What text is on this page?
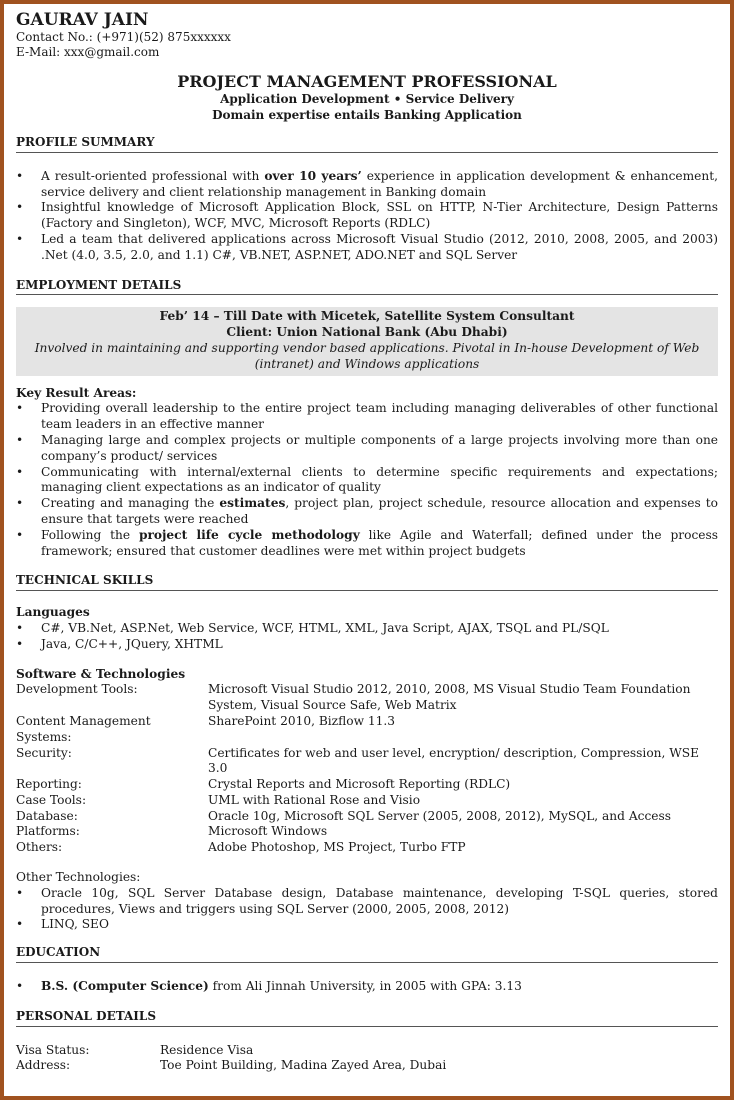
GAURAV JAIN
Contact No.: (+971)(52) 875xxxxxx
E-Mail: xxx@gmail.com
PROJECT MANAGEMENT PROFESSIONAL
Application Development • Service Delivery
Domain expertise entails Banking Application
PROFILE SUMMARY
• A result-oriented professional with over 10 years’ experience in application development & enhancement, service delivery and client relationship management in Banking domain
• Insightful knowledge of Microsoft Application Block, SSL on HTTP, N-Tier Architecture, Design Patterns (Factory and Singleton), WCF, MVC, Microsoft Reports (RDLC)
• Led a team that delivered applications across Microsoft Visual Studio (2012, 2010, 2008, 2005, and 2003) .Net (4.0, 3.5, 2.0, and 1.1) C#, VB.NET, ASP.NET, ADO.NET and SQL Server
EMPLOYMENT DETAILS
Feb’ 14 – Till Date with Micetek, Satellite System Consultant
Client: Union National Bank (Abu Dhabi)
Involved in maintaining and supporting vendor based applications. Pivotal in In-house Development of Web (intranet) and Windows applications
Key Result Areas:
• Providing overall leadership to the entire project team including managing deliverables of other functional team leaders in an effective manner
• Managing large and complex projects or multiple components of a large projects involving more than one company’s product/ services
• Communicating with internal/external clients to determine specific requirements and expectations; managing client expectations as an indicator of quality
• Creating and managing the estimates, project plan, project schedule, resource allocation and expenses to ensure that targets were reached
• Following the project life cycle methodology like Agile and Waterfall; defined under the process framework; ensured that customer deadlines were met within project budgets
TECHNICAL SKILLS
Languages
• C#, VB.Net, ASP.Net, Web Service, WCF, HTML, XML, Java Script, AJAX, TSQL and PL/SQL
• Java, C/C++, JQuery, XHTML
Software & Technologies
Development Tools:	Microsoft Visual Studio 2012, 2010, 2008, MS Visual Studio Team Foundation System, Visual Source Safe, Web Matrix
Content Management Systems:	SharePoint 2010, Bizflow 11.3
Security:	Certificates for web and user level, encryption/ description, Compression, WSE 3.0
Reporting:	Crystal Reports and Microsoft Reporting (RDLC)
Case Tools:	UML with Rational Rose and Visio
Database:	Oracle 10g, Microsoft SQL Server (2005, 2008, 2012), MySQL, and Access
Platforms:	Microsoft Windows
Others:	Adobe Photoshop, MS Project, Turbo FTP
Other Technologies:
• Oracle 10g, SQL Server Database design, Database maintenance, developing T-SQL queries, stored procedures, Views and triggers using SQL Server (2000, 2005, 2008, 2012)
• LINQ, SEO
EDUCATION
• B.S. (Computer Science) from Ali Jinnah University, in 2005 with GPA: 3.13
PERSONAL DETAILS
Visa Status:	Residence Visa
Address:	Toe Point Building, Madina Zayed Area, Dubai
